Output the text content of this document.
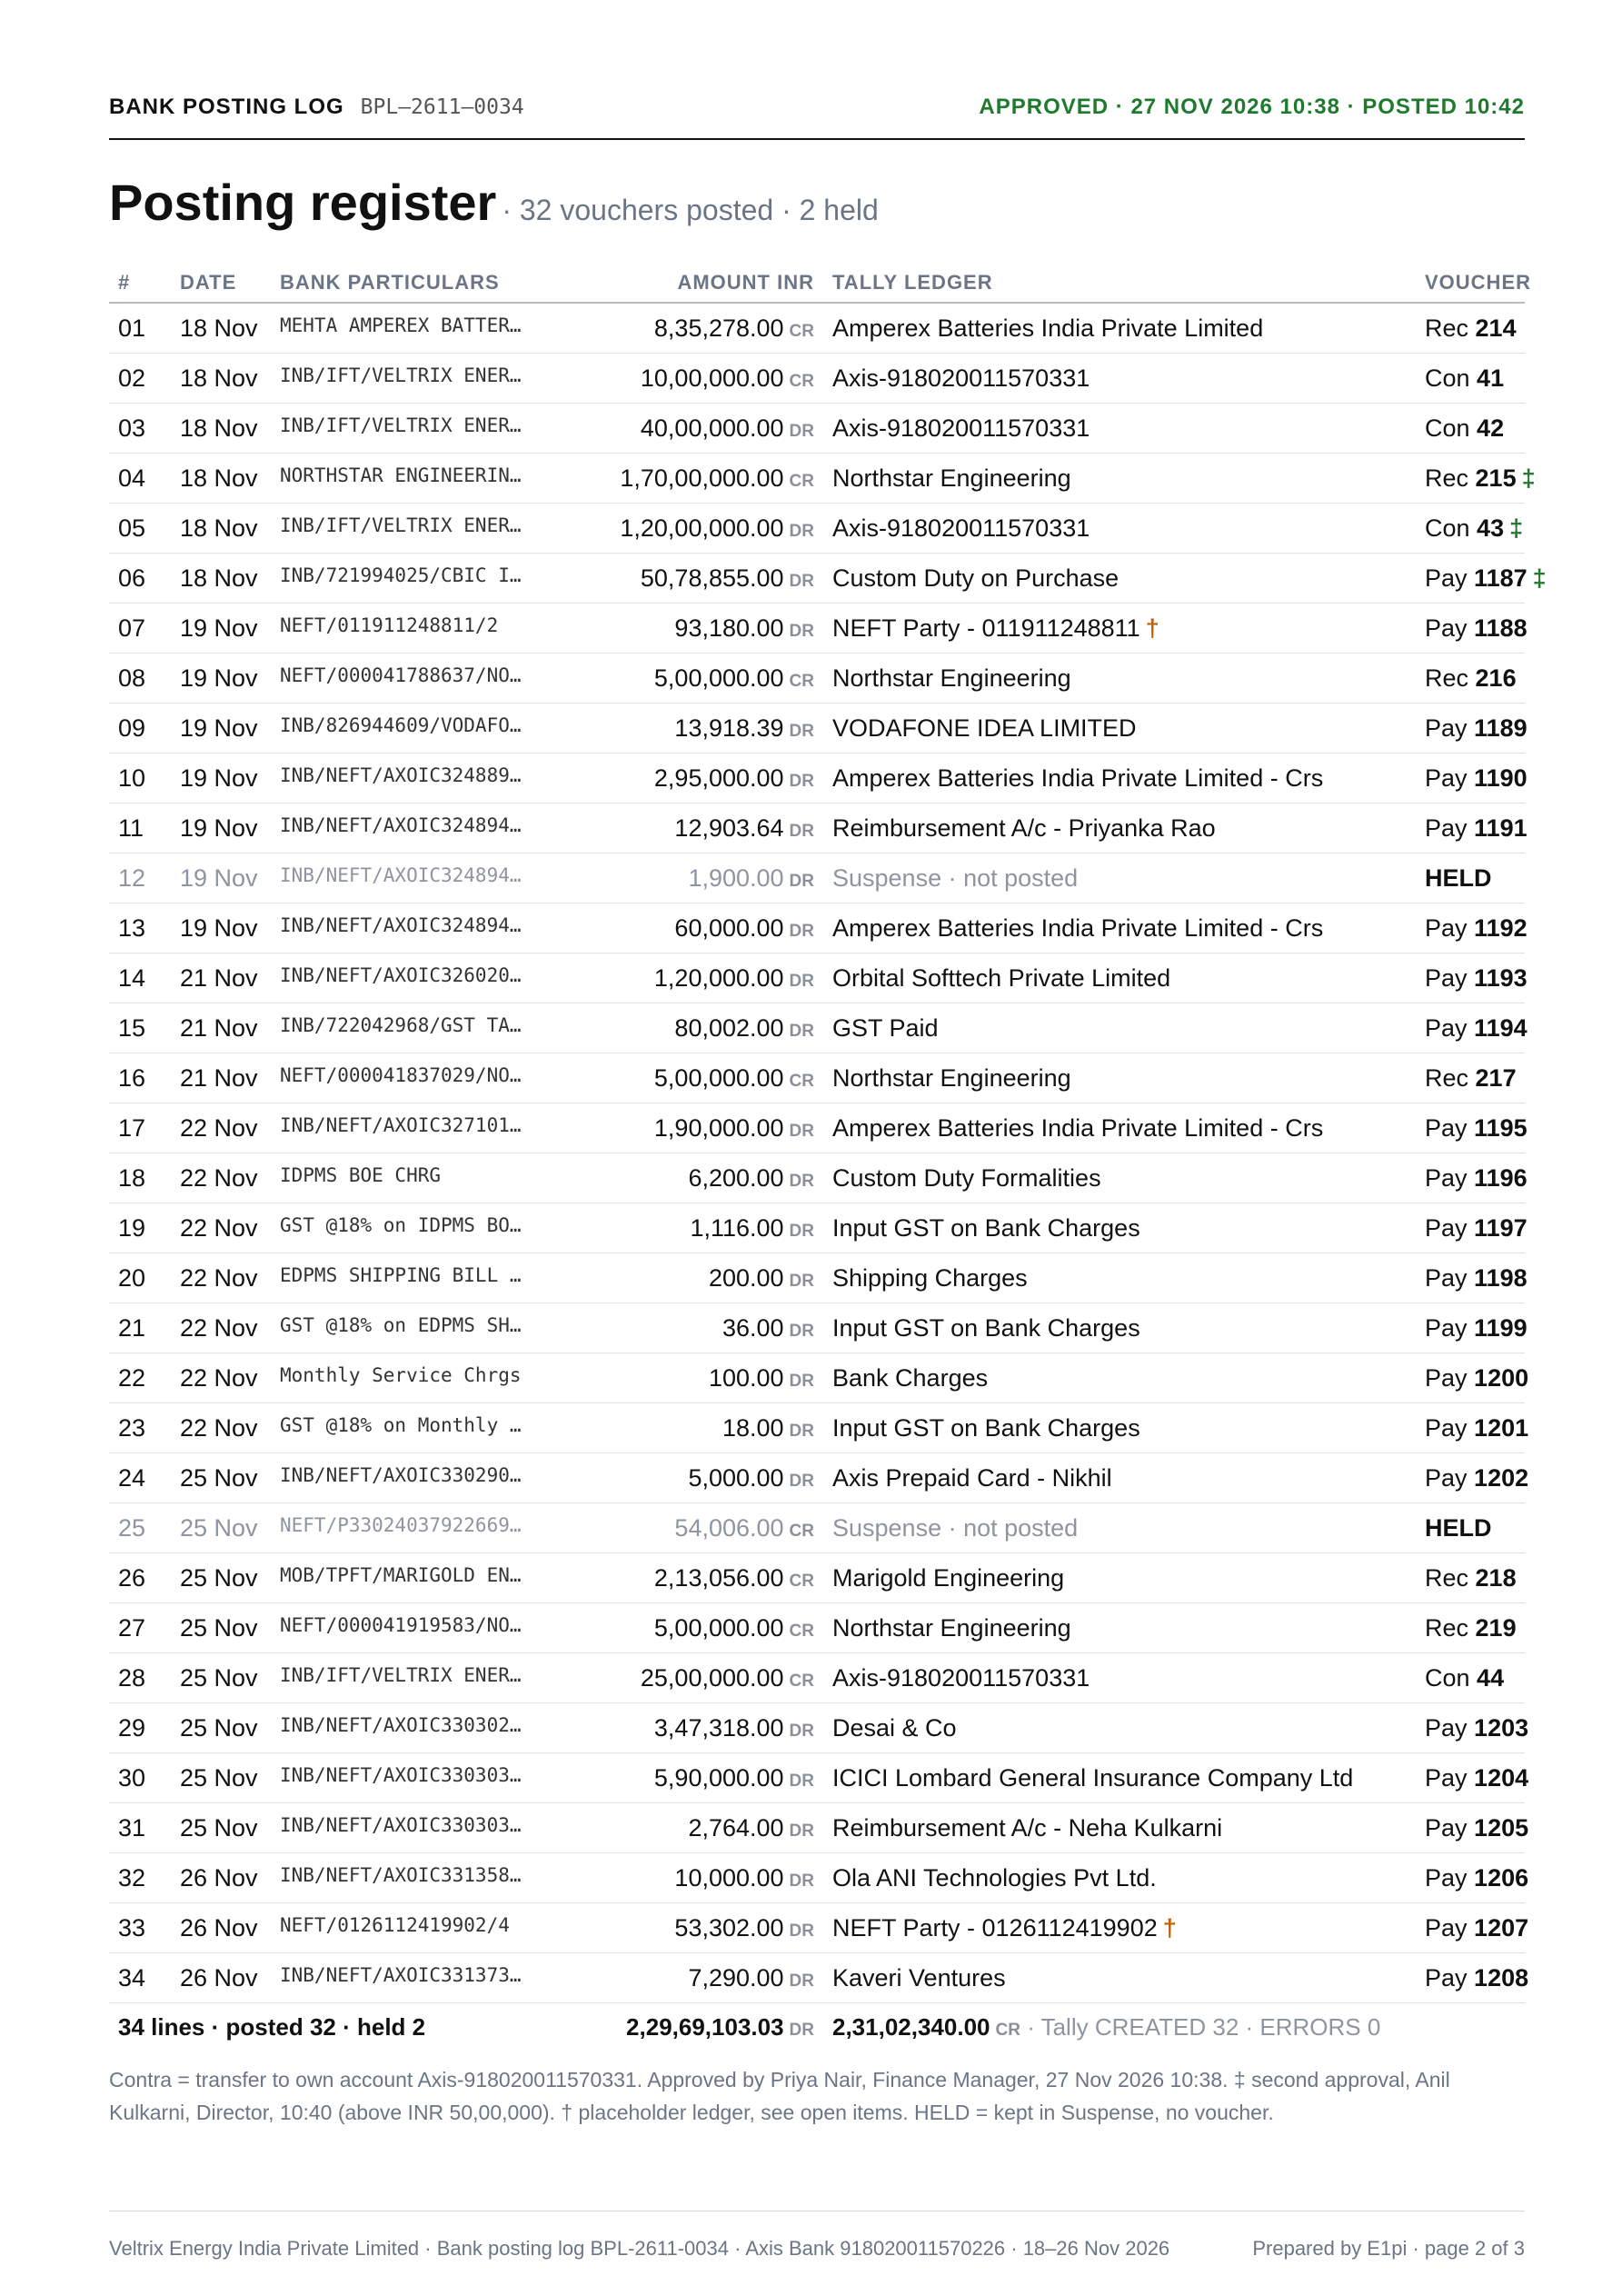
BANK POSTING LOG BPL–2611–0034	APPROVED · 27 NOV 2026 10:38 · POSTED 10:42
Posting register · 32 vouchers posted · 2 held
#	DATE	BANK PARTICULARS	AMOUNT INR	TALLY LEDGER	VOUCHER
01	18 Nov	MEHTA AMPEREX BATTER…	8,35,278.00 CR	Amperex Batteries India Private Limited	Rec 214
02	18 Nov	INB/IFT/VELTRIX ENER…	10,00,000.00 CR	Axis-918020011570331	Con 41
03	18 Nov	INB/IFT/VELTRIX ENER…	40,00,000.00 DR	Axis-918020011570331	Con 42
04	18 Nov	NORTHSTAR ENGINEERIN…	1,70,00,000.00 CR	Northstar Engineering	Rec 215 ‡
05	18 Nov	INB/IFT/VELTRIX ENER…	1,20,00,000.00 DR	Axis-918020011570331	Con 43 ‡
06	18 Nov	INB/721994025/CBIC I…	50,78,855.00 DR	Custom Duty on Purchase	Pay 1187 ‡
07	19 Nov	NEFT/011911248811/2	93,180.00 DR	NEFT Party - 011911248811 †	Pay 1188
08	19 Nov	NEFT/000041788637/NO…	5,00,000.00 CR	Northstar Engineering	Rec 216
09	19 Nov	INB/826944609/VODAFO…	13,918.39 DR	VODAFONE IDEA LIMITED	Pay 1189
10	19 Nov	INB/NEFT/AXOIC324889…	2,95,000.00 DR	Amperex Batteries India Private Limited - Crs	Pay 1190
11	19 Nov	INB/NEFT/AXOIC324894…	12,903.64 DR	Reimbursement A/c - Priyanka Rao	Pay 1191
12	19 Nov	INB/NEFT/AXOIC324894…	1,900.00 DR	Suspense · not posted	HELD
13	19 Nov	INB/NEFT/AXOIC324894…	60,000.00 DR	Amperex Batteries India Private Limited - Crs	Pay 1192
14	21 Nov	INB/NEFT/AXOIC326020…	1,20,000.00 DR	Orbital Softtech Private Limited	Pay 1193
15	21 Nov	INB/722042968/GST TA…	80,002.00 DR	GST Paid	Pay 1194
16	21 Nov	NEFT/000041837029/NO…	5,00,000.00 CR	Northstar Engineering	Rec 217
17	22 Nov	INB/NEFT/AXOIC327101…	1,90,000.00 DR	Amperex Batteries India Private Limited - Crs	Pay 1195
18	22 Nov	IDPMS BOE CHRG	6,200.00 DR	Custom Duty Formalities	Pay 1196
19	22 Nov	GST @18% on IDPMS BO…	1,116.00 DR	Input GST on Bank Charges	Pay 1197
20	22 Nov	EDPMS SHIPPING BILL …	200.00 DR	Shipping Charges	Pay 1198
21	22 Nov	GST @18% on EDPMS SH…	36.00 DR	Input GST on Bank Charges	Pay 1199
22	22 Nov	Monthly Service Chrgs	100.00 DR	Bank Charges	Pay 1200
23	22 Nov	GST @18% on Monthly …	18.00 DR	Input GST on Bank Charges	Pay 1201
24	25 Nov	INB/NEFT/AXOIC330290…	5,000.00 DR	Axis Prepaid Card - Nikhil	Pay 1202
25	25 Nov	NEFT/P33024037922669…	54,006.00 CR	Suspense · not posted	HELD
26	25 Nov	MOB/TPFT/MARIGOLD EN…	2,13,056.00 CR	Marigold Engineering	Rec 218
27	25 Nov	NEFT/000041919583/NO…	5,00,000.00 CR	Northstar Engineering	Rec 219
28	25 Nov	INB/IFT/VELTRIX ENER…	25,00,000.00 CR	Axis-918020011570331	Con 44
29	25 Nov	INB/NEFT/AXOIC330302…	3,47,318.00 DR	Desai & Co	Pay 1203
30	25 Nov	INB/NEFT/AXOIC330303…	5,90,000.00 DR	ICICI Lombard General Insurance Company Ltd	Pay 1204
31	25 Nov	INB/NEFT/AXOIC330303…	2,764.00 DR	Reimbursement A/c - Neha Kulkarni	Pay 1205
32	26 Nov	INB/NEFT/AXOIC331358…	10,000.00 DR	Ola ANI Technologies Pvt Ltd.	Pay 1206
33	26 Nov	NEFT/0126112419902/4	53,302.00 DR	NEFT Party - 0126112419902 †	Pay 1207
34	26 Nov	INB/NEFT/AXOIC331373…	7,290.00 DR	Kaveri Ventures	Pay 1208
34 lines · posted 32 · held 2			2,29,69,103.03 DR	2,31,02,340.00 CR · Tally CREATED 32 · ERRORS 0	
Contra = transfer to own account Axis-918020011570331. Approved by Priya Nair, Finance Manager, 27 Nov 2026 10:38. ‡ second approval, Anil Kulkarni, Director, 10:40 (above INR 50,00,000). † placeholder ledger, see open items. HELD = kept in Suspense, no voucher.
Veltrix Energy India Private Limited · Bank posting log BPL-2611-0034 · Axis Bank 918020011570226 · 18–26 Nov 2026	Prepared by E1pi · page 2 of 3
